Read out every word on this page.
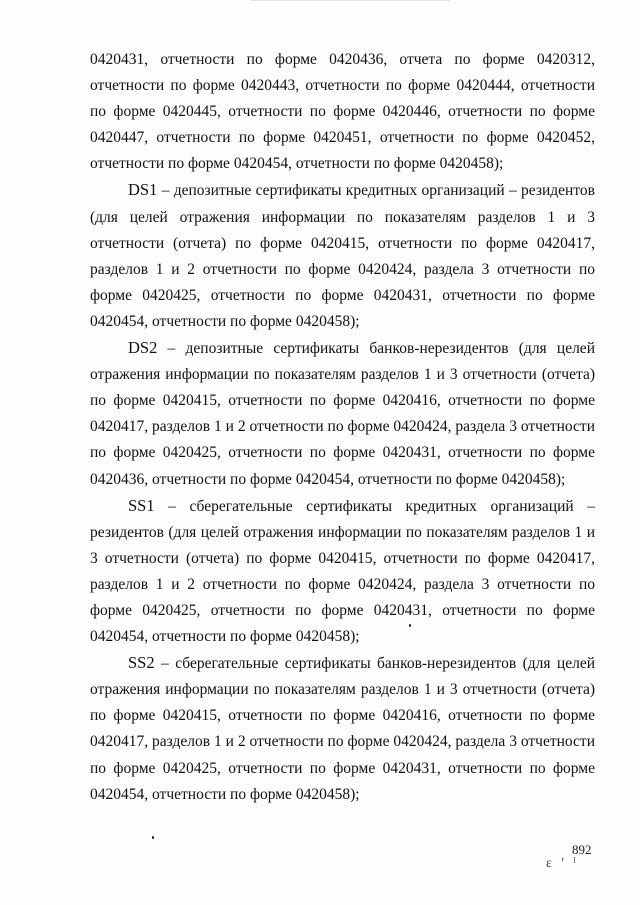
0420431, отчетности по форме 0420436, отчета по форме 0420312, отчетности по форме 0420443, отчетности по форме 0420444, отчетности по форме 0420445, отчетности по форме 0420446, отчетности по форме 0420447, отчетности по форме 0420451, отчетности по форме 0420452, отчетности по форме 0420454, отчетности по форме 0420458);

DS1 – депозитные сертификаты кредитных организаций – резидентов (для целей отражения информации по показателям разделов 1 и 3 отчетности (отчета) по форме 0420415, отчетности по форме 0420417, разделов 1 и 2 отчетности по форме 0420424, раздела 3 отчетности по форме 0420425, отчетности по форме 0420431, отчетности по форме 0420454, отчетности по форме 0420458);

DS2 – депозитные сертификаты банков-нерезидентов (для целей отражения информации по показателям разделов 1 и 3 отчетности (отчета) по форме 0420415, отчетности по форме 0420416, отчетности по форме 0420417, разделов 1 и 2 отчетности по форме 0420424, раздела 3 отчетности по форме 0420425, отчетности по форме 0420431, отчетности по форме 0420436, отчетности по форме 0420454, отчетности по форме 0420458);

SS1 – сберегательные сертификаты кредитных организаций – резидентов (для целей отражения информации по показателям разделов 1 и 3 отчетности (отчета) по форме 0420415, отчетности по форме 0420417, разделов 1 и 2 отчетности по форме 0420424, раздела 3 отчетности по форме 0420425, отчетности по форме 0420431, отчетности по форме 0420454, отчетности по форме 0420458);

SS2 – сберегательные сертификаты банков-нерезидентов (для целей отражения информации по показателям разделов 1 и 3 отчетности (отчета) по форме 0420415, отчетности по форме 0420416, отчетности по форме 0420417, разделов 1 и 2 отчетности по форме 0420424, раздела 3 отчетности по форме 0420425, отчетности по форме 0420431, отчетности по форме 0420454, отчетности по форме 0420458);

892
ε ' ˡ
